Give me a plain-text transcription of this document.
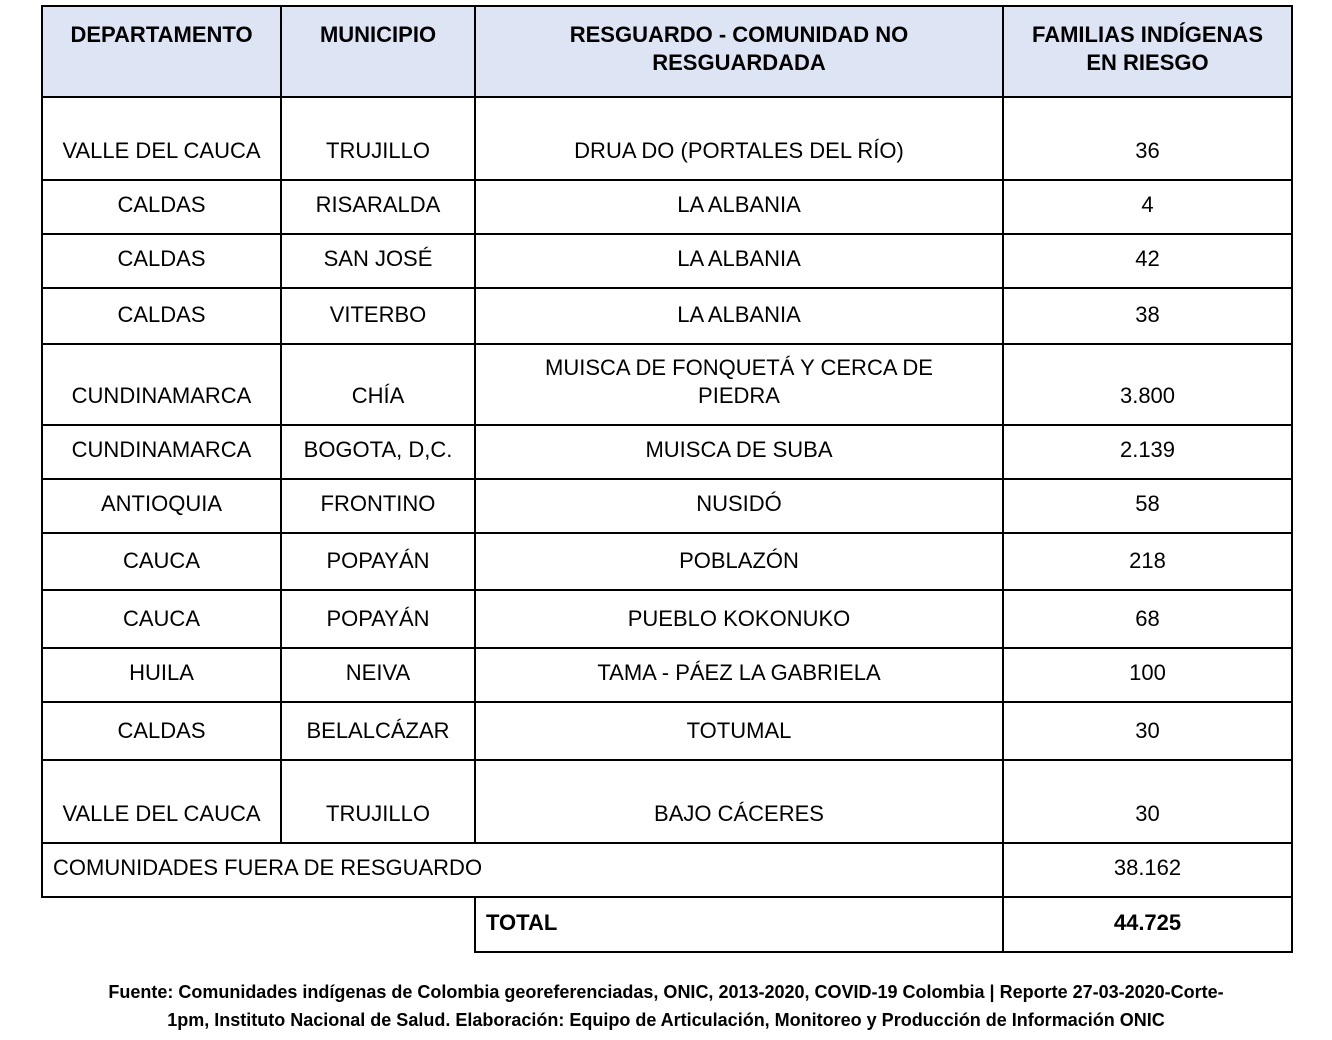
DEPARTAMENTO	MUNICIPIO	RESGUARDO - COMUNIDAD NO RESGUARDADA	FAMILIAS INDÍGENAS EN RIESGO
VALLE DEL CAUCA	TRUJILLO	DRUA DO (PORTALES DEL RÍO)	36
CALDAS	RISARALDA	LA ALBANIA	4
CALDAS	SAN JOSÉ	LA ALBANIA	42
CALDAS	VITERBO	LA ALBANIA	38
CUNDINAMARCA	CHÍA	MUISCA DE FONQUETÁ Y CERCA DE PIEDRA	3.800
CUNDINAMARCA	BOGOTA, D,C.	MUISCA DE SUBA	2.139
ANTIOQUIA	FRONTINO	NUSIDÓ	58
CAUCA	POPAYÁN	POBLAZÓN	218
CAUCA	POPAYÁN	PUEBLO KOKONUKO	68
HUILA	NEIVA	TAMA - PÁEZ LA GABRIELA	100
CALDAS	BELALCÁZAR	TOTUMAL	30
VALLE DEL CAUCA	TRUJILLO	BAJO CÁCERES	30
COMUNIDADES FUERA DE RESGUARDO			38.162
		TOTAL	44.725
Fuente: Comunidades indígenas de Colombia georeferenciadas, ONIC, 2013-2020, COVID-19 Colombia | Reporte 27-03-2020-Corte-
1pm, Instituto Nacional de Salud. Elaboración: Equipo de Articulación, Monitoreo y Producción de Información ONIC
